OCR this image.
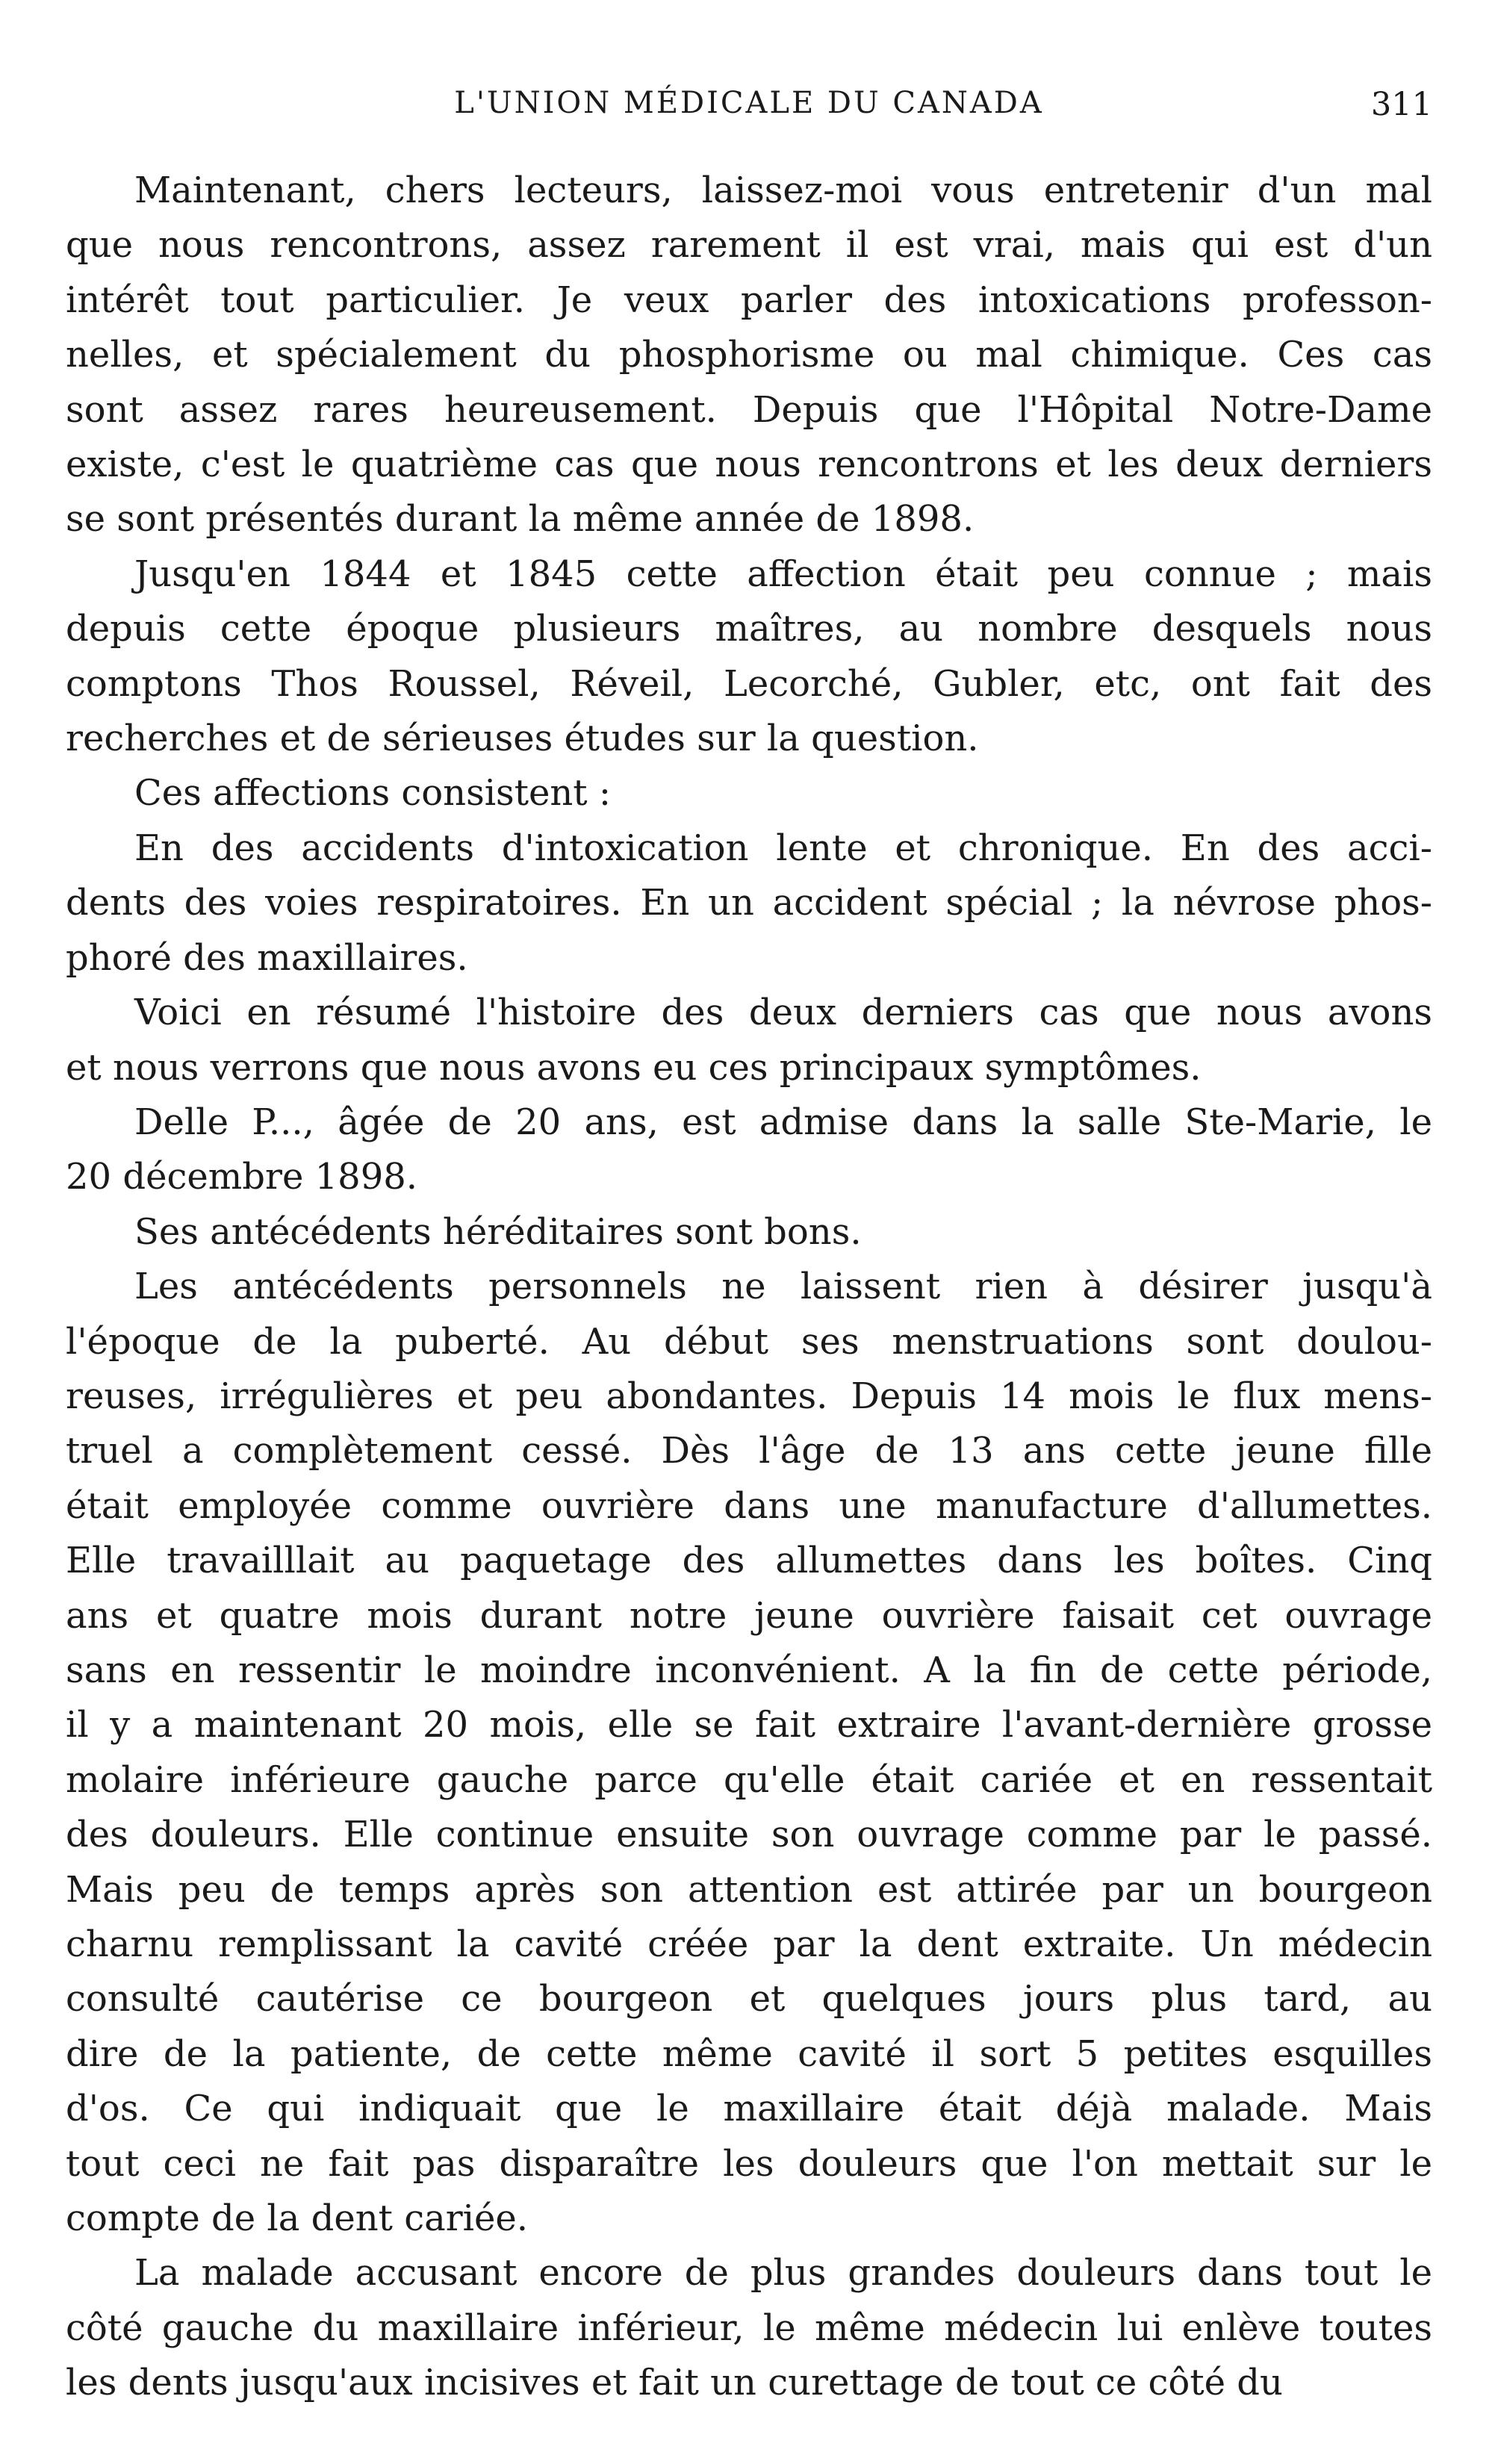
L'UNION MÉDICALE DU CANADA	311

Maintenant, chers lecteurs, laissez-moi vous entretenir d'un mal
que nous rencontrons, assez rarement il est vrai, mais qui est d'un
intérêt tout particulier. Je veux parler des intoxications professon-
nelles, et spécialement du phosphorisme ou mal chimique. Ces cas
sont assez rares heureusement. Depuis que l'Hôpital Notre-Dame
existe, c'est le quatrième cas que nous rencontrons et les deux derniers
se sont présentés durant la même année de 1898.

Jusqu'en 1844 et 1845 cette affection était peu connue ; mais
depuis cette époque plusieurs maîtres, au nombre desquels nous
comptons Thos Roussel, Réveil, Lecorché, Gubler, etc, ont fait des
recherches et de sérieuses études sur la question.

Ces affections consistent :

En des accidents d'intoxication lente et chronique. En des acci-
dents des voies respiratoires. En un accident spécial ; la névrose phos-
phoré des maxillaires.

Voici en résumé l'histoire des deux derniers cas que nous avons
et nous verrons que nous avons eu ces principaux symptômes.

Delle P..., âgée de 20 ans, est admise dans la salle Ste-Marie, le
20 décembre 1898.

Ses antécédents héréditaires sont bons.

Les antécédents personnels ne laissent rien à désirer jusqu'à
l'époque de la puberté. Au début ses menstruations sont doulou-
reuses, irrégulières et peu abondantes. Depuis 14 mois le flux mens-
truel a complètement cessé. Dès l'âge de 13 ans cette jeune fille
était employée comme ouvrière dans une manufacture d'allumettes.
Elle travailllait au paquetage des allumettes dans les boîtes. Cinq
ans et quatre mois durant notre jeune ouvrière faisait cet ouvrage
sans en ressentir le moindre inconvénient. A la fin de cette période,
il y a maintenant 20 mois, elle se fait extraire l'avant-dernière grosse
molaire inférieure gauche parce qu'elle était cariée et en ressentait
des douleurs. Elle continue ensuite son ouvrage comme par le passé.
Mais peu de temps après son attention est attirée par un bourgeon
charnu remplissant la cavité créée par la dent extraite. Un médecin
consulté cautérise ce bourgeon et quelques jours plus tard, au
dire de la patiente, de cette même cavité il sort 5 petites esquilles
d'os. Ce qui indiquait que le maxillaire était déjà malade. Mais
tout ceci ne fait pas disparaître les douleurs que l'on mettait sur le
compte de la dent cariée.

La malade accusant encore de plus grandes douleurs dans tout le
côté gauche du maxillaire inférieur, le même médecin lui enlève toutes
les dents jusqu'aux incisives et fait un curettage de tout ce côté du
